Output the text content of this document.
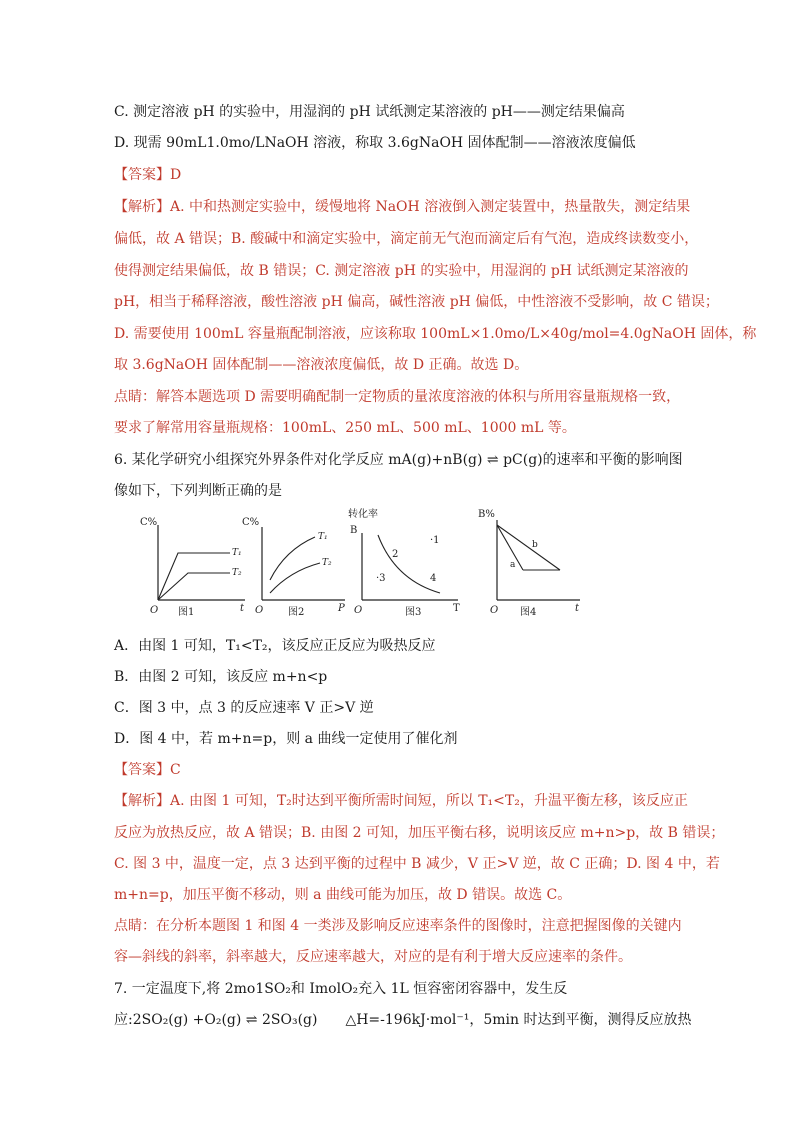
C. 测定溶液 pH 的实验中，用湿润的 pH 试纸测定某溶液的 pH——测定结果偏高
D. 现需 90mL1.0mo/LNaOH 溶液，称取 3.6gNaOH 固体配制——溶液浓度偏低
【答案】D
【解析】A. 中和热测定实验中，缓慢地将 NaOH 溶液倒入测定装置中，热量散失，测定结果
偏低，故 A 错误；B. 酸碱中和滴定实验中，滴定前无气泡而滴定后有气泡，造成终读数变小，
使得测定结果偏低，故 B 错误；C. 测定溶液 pH 的实验中，用湿润的 pH 试纸测定某溶液的
pH，相当于稀释溶液，酸性溶液 pH 偏高，碱性溶液 pH 偏低，中性溶液不受影响，故 C 错误；
D. 需要使用 100mL 容量瓶配制溶液，应该称取 100mL×1.0mo/L×40g/mol=4.0gNaOH 固体，称
取 3.6gNaOH 固体配制——溶液浓度偏低，故 D 正确。故选 D。
点睛：解答本题选项 D 需要明确配制一定物质的量浓度溶液的体积与所用容量瓶规格一致，
要求了解常用容量瓶规格：100mL、250 mL、500 mL、1000 mL 等。
6. 某化学研究小组探究外界条件对化学反应 mA(g)+nB(g) ⇌ pC(g)的速率和平衡的影响图
像如下，下列判断正确的是
C%
T₁
T₂
O	t
图1
C%
T₁
T₂
O	P
图2
转化率
B
·1
2
·3	4
O	T
图3
B%
b
a
O	t
图4
A．由图 1 可知，T₁<T₂，该反应正反应为吸热反应
B．由图 2 可知，该反应 m+n<p
C．图 3 中，点 3 的反应速率 V 正>V 逆
D．图 4 中，若 m+n=p，则 a 曲线一定使用了催化剂
【答案】C
【解析】A. 由图 1 可知，T₂时达到平衡所需时间短，所以 T₁<T₂，升温平衡左移，该反应正
反应为放热反应，故 A 错误；B. 由图 2 可知，加压平衡右移，说明该反应 m+n>p，故 B 错误；
C. 图 3 中，温度一定，点 3 达到平衡的过程中 B 减少，V 正>V 逆，故 C 正确；D. 图 4 中，若
m+n=p，加压平衡不移动，则 a 曲线可能为加压，故 D 错误。故选 C。
点睛：在分析本题图 1 和图 4 一类涉及影响反应速率条件的图像时，注意把握图像的关键内
容—斜线的斜率，斜率越大，反应速率越大，对应的是有利于增大反应速率的条件。
7. 一定温度下,将 2mo1SO₂和 ImolO₂充入 1L 恒容密闭容器中，发生反
应:2SO₂(g) +O₂(g) ⇌ 2SO₃(g)　　△H=-196kJ·mol⁻¹，5min 时达到平衡，测得反应放热
